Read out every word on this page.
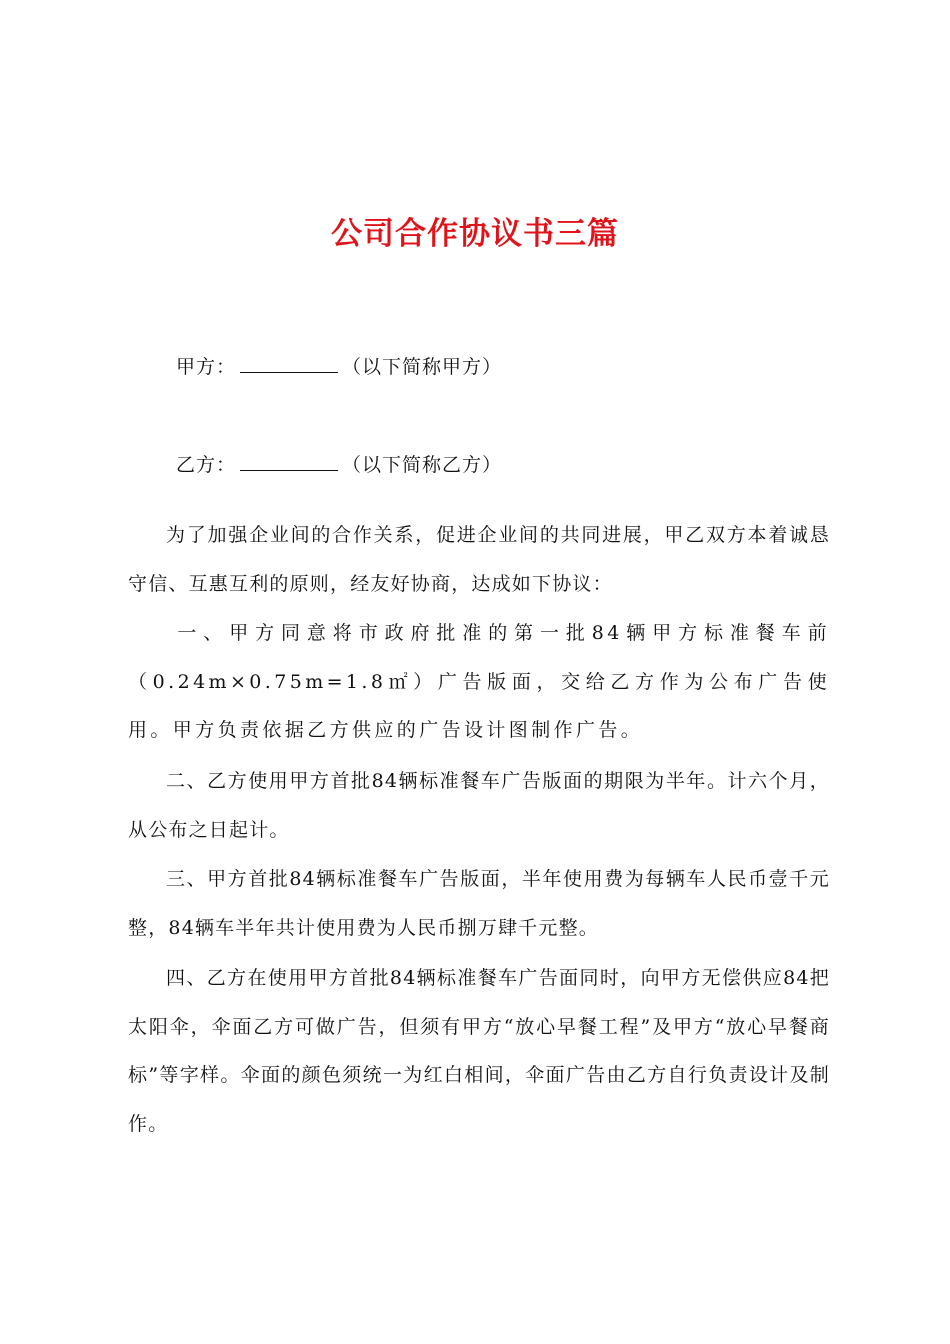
公司合作协议书三篇
甲方：	（以下简称甲方）
乙方：	（以下简称乙方）

为了加强企业间的合作关系，促进企业间的共同进展，甲乙双方本着诚恳守信、互惠互利的原则，经友好协商，达成如下协议：

一、甲方同意将市政府批准的第一批84辆甲方标准餐车前（0.24m×0.75m=1.8㎡）广告版面，交给乙方作为公布广告使用。甲方负责依据乙方供应的广告设计图制作广告。

二、乙方使用甲方首批84辆标准餐车广告版面的期限为半年。计六个月，从公布之日起计。

三、甲方首批84辆标准餐车广告版面，半年使用费为每辆车人民币壹千元整，84辆车半年共计使用费为人民币捌万肆千元整。

四、乙方在使用甲方首批84辆标准餐车广告面同时，向甲方无偿供应84把太阳伞，伞面乙方可做广告，但须有甲方“放心早餐工程”及甲方“放心早餐商标”等字样。伞面的颜色须统一为红白相间，伞面广告由乙方自行负责设计及制作。
